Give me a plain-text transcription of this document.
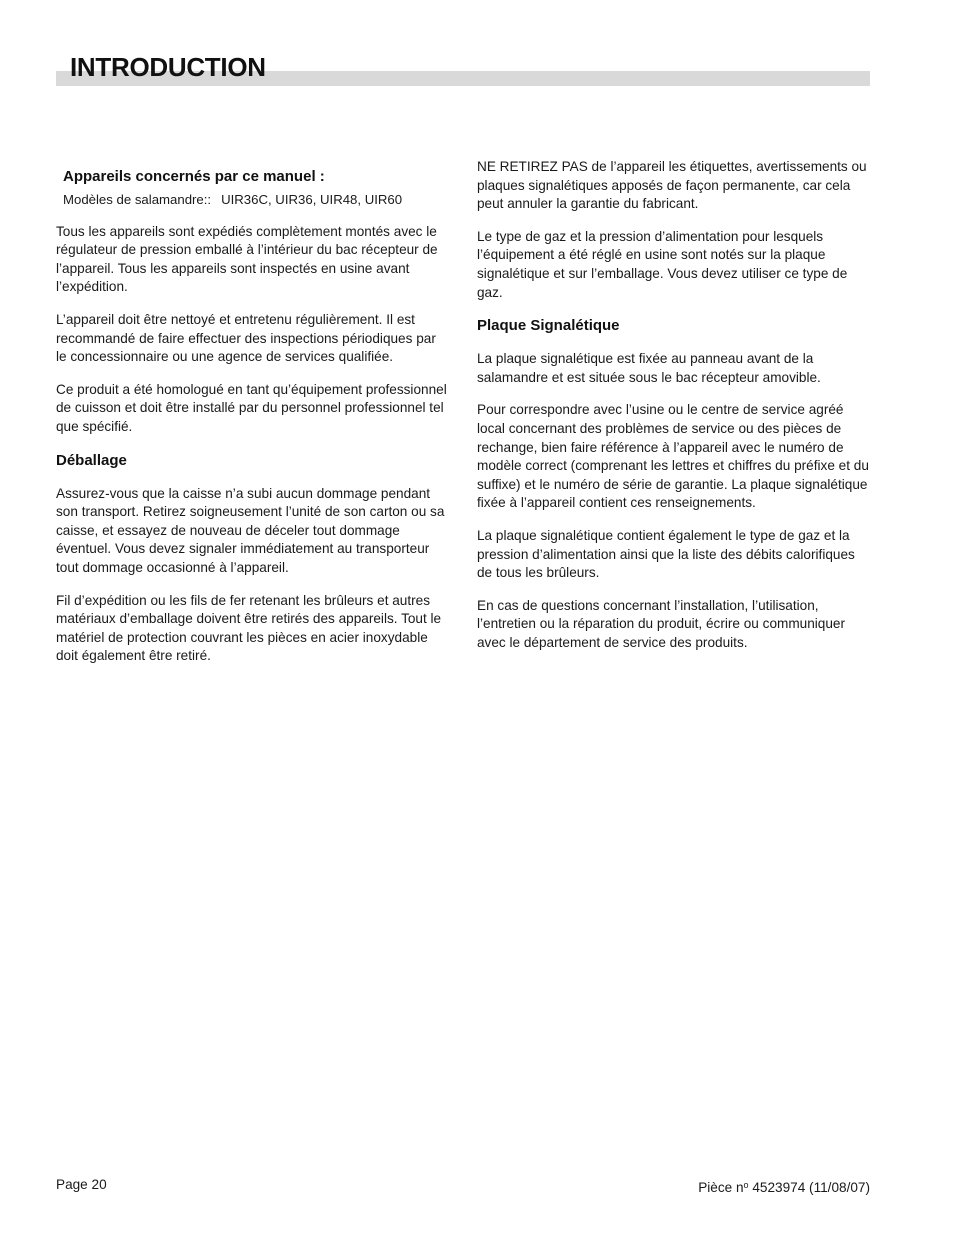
INTRODUCTION
Appareils concernés par ce manuel :

Modèles de salamandre:: UIR36C, UIR36, UIR48, UIR60

Tous les appareils sont expédiés complètement montés avec le régulateur de pression emballé à l’intérieur du bac récepteur de l’appareil. Tous les appareils sont inspectés en usine avant l’expédition.

L’appareil doit être nettoyé et entretenu régulièrement. Il est recommandé de faire effectuer des inspections périodiques par le concessionnaire ou une agence de services qualifiée.

Ce produit a été homologué en tant qu’équipement professionnel de cuisson et doit être installé par du personnel professionnel tel que spécifié.

Déballage

Assurez-vous que la caisse n’a subi aucun dommage pendant son transport. Retirez soigneusement l’unité de son carton ou sa caisse, et essayez de nouveau de déceler tout dommage éventuel. Vous devez signaler immédiatement au transporteur tout dommage occasionné à l’appareil.

Fil d’expédition ou les fils de fer retenant les brûleurs et autres matériaux d’emballage doivent être retirés des appareils. Tout le matériel de protection couvrant les pièces en acier inoxydable doit également être retiré.

NE RETIREZ PAS de l’appareil les étiquettes, avertissements ou plaques signalétiques apposés de façon permanente, car cela peut annuler la garantie du fabricant.

Le type de gaz et la pression d’alimentation pour lesquels l’équipement a été réglé en usine sont notés sur la plaque signalétique et sur l’emballage. Vous devez utiliser ce type de gaz.

Plaque Signalétique

La plaque signalétique est fixée au panneau avant de la salamandre et est située sous le bac récepteur amovible.

Pour correspondre avec l’usine ou le centre de service agréé local concernant des problèmes de service ou des pièces de rechange, bien faire référence à l’appareil avec le numéro de modèle correct (comprenant les lettres et chiffres du préfixe et du suffixe) et le numéro de série de garantie. La plaque signalétique fixée à l’appareil contient ces renseignements.

La plaque signalétique contient également le type de gaz et la pression d’alimentation ainsi que la liste des débits calorifiques de tous les brûleurs.

En cas de questions concernant l’installation, l’utilisation, l’entretien ou la réparation du produit, écrire ou communiquer avec le département de service des produits.

Page 20	Pièce $n^o$ 4523974 (11/08/07)
